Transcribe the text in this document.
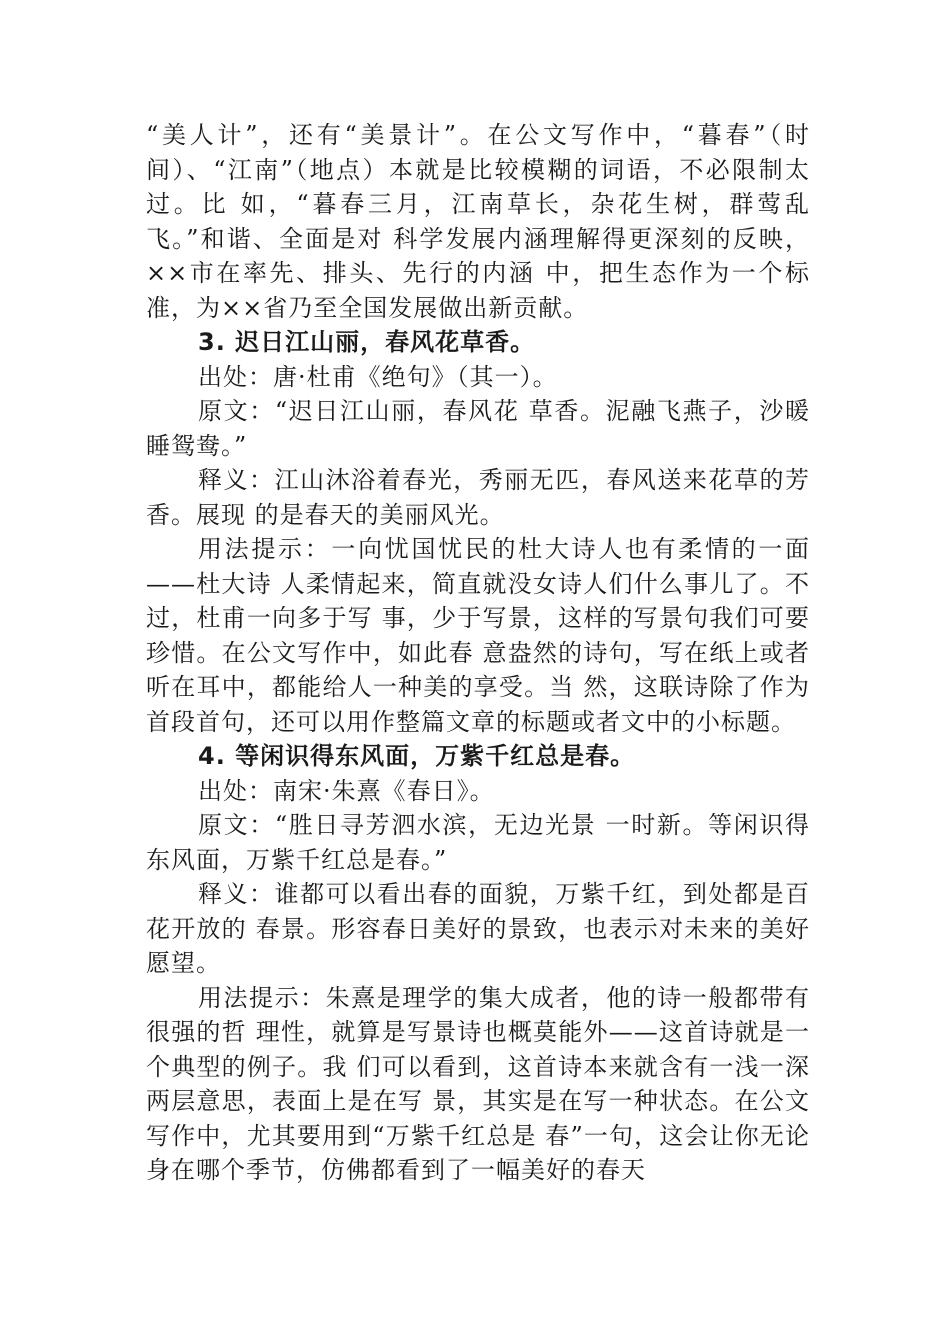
“美人计”，还有“美景计”。在公文写作中，“暮春”（时 间）、“江南”（地点）本就是比较模糊的词语，不必限制太过。比 如，“暮春三月，江南草长，杂花生树，群莺乱飞。”和谐、全面是对 科学发展内涵理解得更深刻的反映，××市在率先、排头、先行的内涵 中，把生态作为一个标准，为××省乃至全国发展做出新贡献。

3. 迟日江山丽，春风花草香。

出处：唐·杜甫《绝句》（其一）。

原文：“迟日江山丽，春风花 草香。泥融飞燕子，沙暖睡鸳鸯。”

释义：江山沐浴着春光，秀丽无匹，春风送来花草的芳香。展现 的是春天的美丽风光。

用法提示：一向忧国忧民的杜大诗人也有柔情的一面——杜大诗 人柔情起来，简直就没女诗人们什么事儿了。不过，杜甫一向多于写 事，少于写景，这样的写景句我们可要珍惜。在公文写作中，如此春 意盎然的诗句，写在纸上或者听在耳中，都能给人一种美的享受。当 然，这联诗除了作为首段首句，还可以用作整篇文章的标题或者文中的小标题。

4. 等闲识得东风面，万紫千红总是春。

出处：南宋·朱熹《春日》。

原文：“胜日寻芳泗水滨，无边光景 一时新。等闲识得东风面，万紫千红总是春。”

释义：谁都可以看出春的面貌，万紫千红，到处都是百花开放的 春景。形容春日美好的景致，也表示对未来的美好愿望。

用法提示：朱熹是理学的集大成者，他的诗一般都带有很强的哲 理性，就算是写景诗也概莫能外——这首诗就是一个典型的例子。我 们可以看到，这首诗本来就含有一浅一深两层意思，表面上是在写 景，其实是在写一种状态。在公文写作中，尤其要用到“万紫千红总是 春”一句，这会让你无论身在哪个季节，仿佛都看到了一幅美好的春天
